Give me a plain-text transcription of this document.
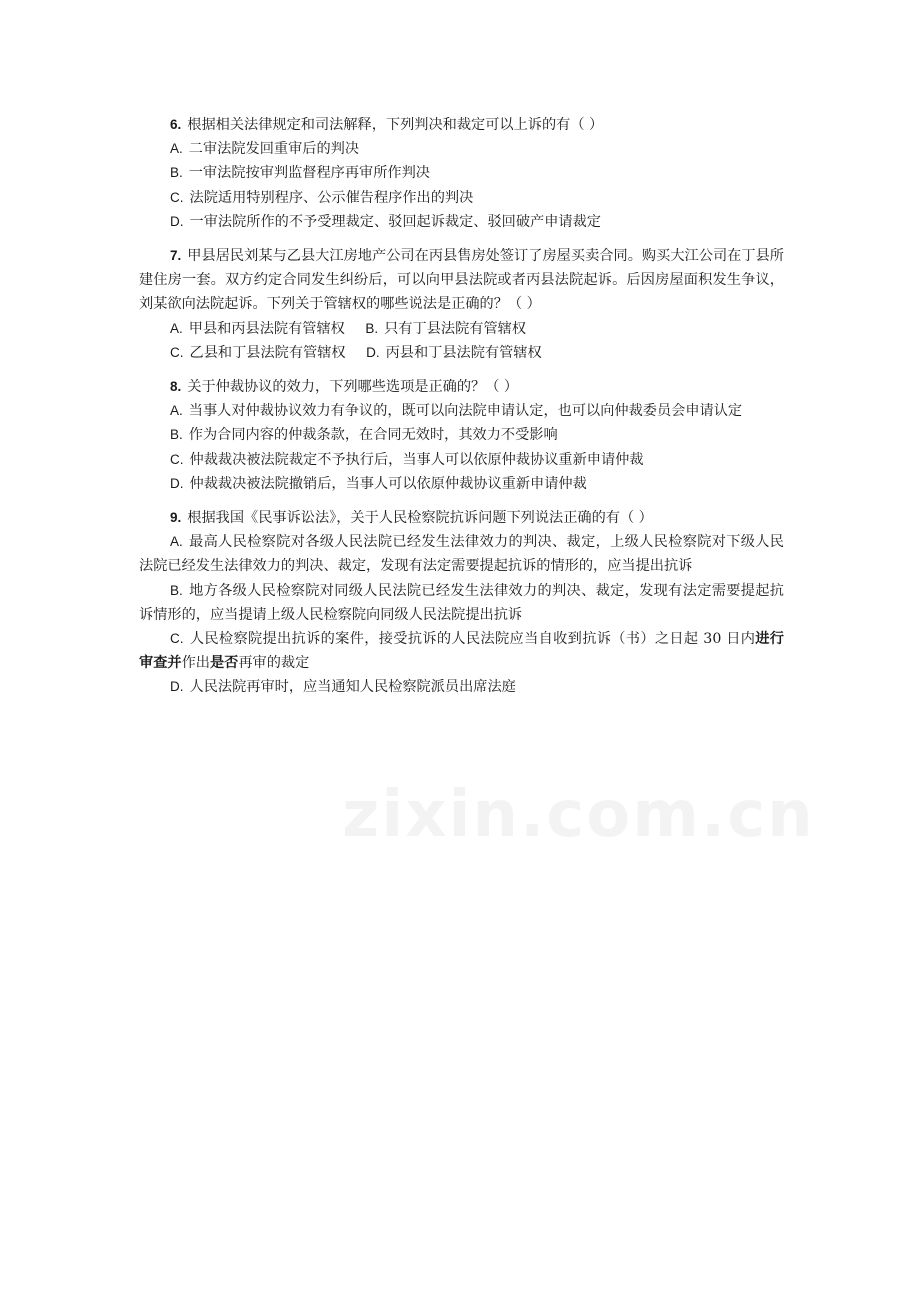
6. 根据相关法律规定和司法解释，下列判决和裁定可以上诉的有（ ）
A. 二审法院发回重审后的判决
B. 一审法院按审判监督程序再审所作判决
C. 法院适用特别程序、公示催告程序作出的判决
D. 一审法院所作的不予受理裁定、驳回起诉裁定、驳回破产申请裁定
7. 甲县居民刘某与乙县大江房地产公司在丙县售房处签订了房屋买卖合同。购买大江公司在丁县所建住房一套。双方约定合同发生纠纷后，可以向甲县法院或者丙县法院起诉。后因房屋面积发生争议，刘某欲向法院起诉。下列关于管辖权的哪些说法是正确的？（ ）
A. 甲县和丙县法院有管辖权 B. 只有丁县法院有管辖权
C. 乙县和丁县法院有管辖权 D. 丙县和丁县法院有管辖权
8. 关于仲裁协议的效力，下列哪些选项是正确的？（ ）
A. 当事人对仲裁协议效力有争议的，既可以向法院申请认定，也可以向仲裁委员会申请认定
B. 作为合同内容的仲裁条款，在合同无效时，其效力不受影响
C. 仲裁裁决被法院裁定不予执行后，当事人可以依原仲裁协议重新申请仲裁
D. 仲裁裁决被法院撤销后，当事人可以依原仲裁协议重新申请仲裁
9. 根据我国《民事诉讼法》，关于人民检察院抗诉问题下列说法正确的有（ ）
A. 最高人民检察院对各级人民法院已经发生法律效力的判决、裁定，上级人民检察院对下级人民法院已经发生法律效力的判决、裁定，发现有法定需要提起抗诉的情形的，应当提出抗诉
B. 地方各级人民检察院对同级人民法院已经发生法律效力的判决、裁定，发现有法定需要提起抗诉情形的，应当提请上级人民检察院向同级人民法院提出抗诉
C. 人民检察院提出抗诉的案件，接受抗诉的人民法院应当自收到抗诉（书）之日起 30 日内进行审查并作出是否再审的裁定
D. 人民法院再审时，应当通知人民检察院派员出席法庭
